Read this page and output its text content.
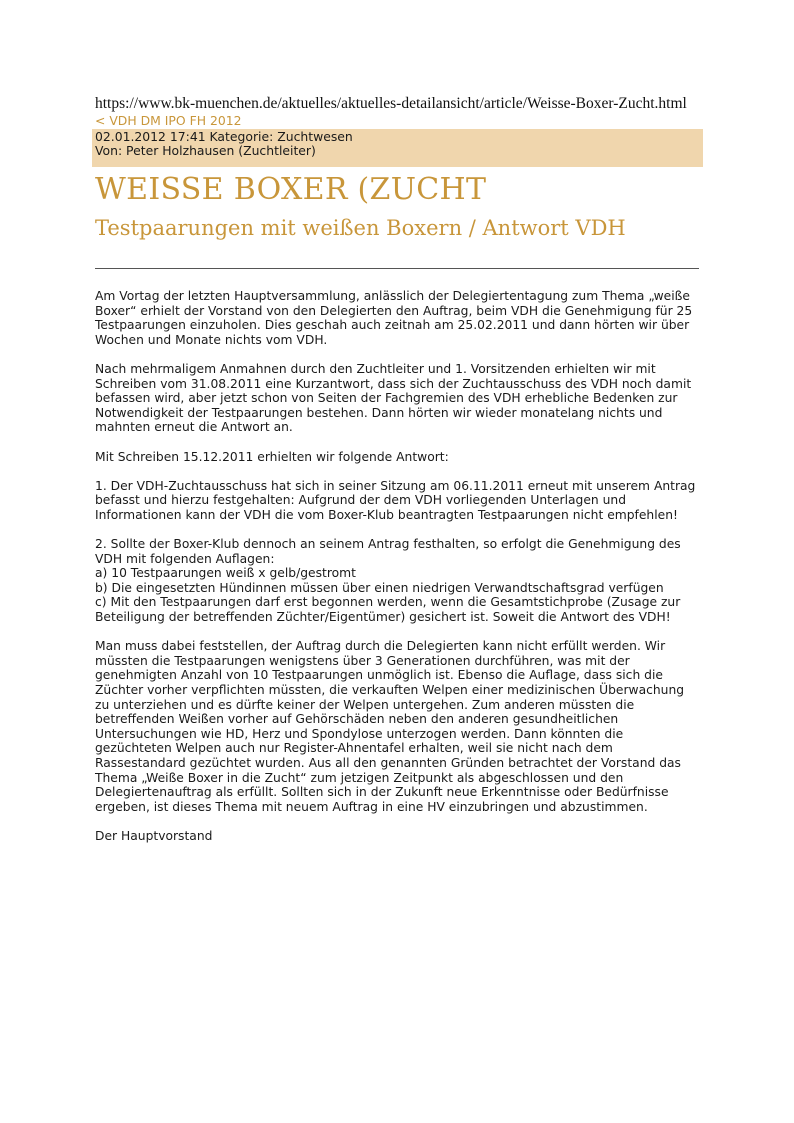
https://www.bk-muenchen.de/aktuelles/aktuelles-detailansicht/article/Weisse-Boxer-Zucht.html

< VDH DM IPO FH 2012

02.01.2012 17:41 Kategorie: Zuchtwesen

Von: Peter Holzhausen (Zuchtleiter)

WEISSE BOXER (ZUCHT
Testpaarungen mit weißen Boxern / Antwort VDH

Am Vortag der letzten Hauptversammlung, anlässlich der Delegiertentagung zum Thema „weiße Boxer“ erhielt der Vorstand von den Delegierten den Auftrag, beim VDH die Genehmigung für 25 Testpaarungen einzuholen. Dies geschah auch zeitnah am 25.02.2011 und dann hörten wir über Wochen und Monate nichts vom VDH.

Nach mehrmaligem Anmahnen durch den Zuchtleiter und 1. Vorsitzenden erhielten wir mit Schreiben vom 31.08.2011 eine Kurzantwort, dass sich der Zuchtausschuss des VDH noch damit befassen wird, aber jetzt schon von Seiten der Fachgremien des VDH erhebliche Bedenken zur Notwendigkeit der Testpaarungen bestehen. Dann hörten wir wieder monatelang nichts und mahnten erneut die Antwort an.

Mit Schreiben 15.12.2011 erhielten wir folgende Antwort:

1. Der VDH-Zuchtausschuss hat sich in seiner Sitzung am 06.11.2011 erneut mit unserem Antrag befasst und hierzu festgehalten: Aufgrund der dem VDH vorliegenden Unterlagen und Informationen kann der VDH die vom Boxer-Klub beantragten Testpaarungen nicht empfehlen!

2. Sollte der Boxer-Klub dennoch an seinem Antrag festhalten, so erfolgt die Genehmigung des VDH mit folgenden Auflagen:

a) 10 Testpaarungen weiß x gelb/gestromt

b) Die eingesetzten Hündinnen müssen über einen niedrigen Verwandtschaftsgrad verfügen

c) Mit den Testpaarungen darf erst begonnen werden, wenn die Gesamtstichprobe (Zusage zur Beteiligung der betreffenden Züchter/Eigentümer) gesichert ist. Soweit die Antwort des VDH!

Man muss dabei feststellen, der Auftrag durch die Delegierten kann nicht erfüllt werden. Wir müssten die Testpaarungen wenigstens über 3 Generationen durchführen, was mit der genehmigten Anzahl von 10 Testpaarungen unmöglich ist. Ebenso die Auflage, dass sich die Züchter vorher verpflichten müssten, die verkauften Welpen einer medizinischen Überwachung zu unterziehen und es dürfte keiner der Welpen untergehen. Zum anderen müssten die betreffenden Weißen vorher auf Gehörschäden neben den anderen gesundheitlichen Untersuchungen wie HD, Herz und Spondylose unterzogen werden. Dann könnten die gezüchteten Welpen auch nur Register-Ahnentafel erhalten, weil sie nicht nach dem Rassestandard gezüchtet wurden. Aus all den genannten Gründen betrachtet der Vorstand das Thema „Weiße Boxer in die Zucht“ zum jetzigen Zeitpunkt als abgeschlossen und den Delegiertenauftrag als erfüllt. Sollten sich in der Zukunft neue Erkenntnisse oder Bedürfnisse ergeben, ist dieses Thema mit neuem Auftrag in eine HV einzubringen und abzustimmen.

Der Hauptvorstand
